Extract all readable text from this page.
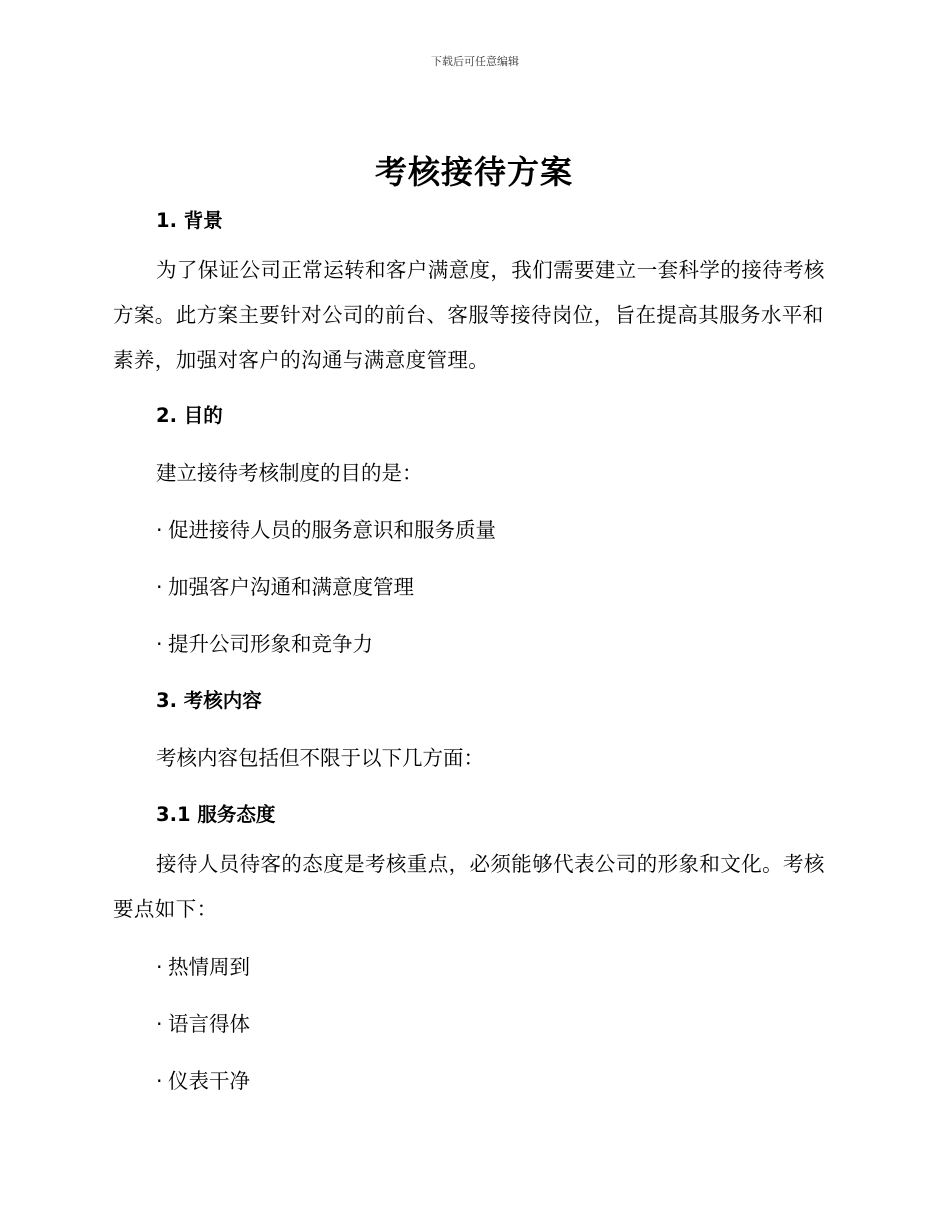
下载后可任意编辑
考核接待方案
1. 背景

为了保证公司正常运转和客户满意度，我们需要建立一套科学的接待考核方案。此方案主要针对公司的前台、客服等接待岗位，旨在提高其服务水平和素养，加强对客户的沟通与满意度管理。

2. 目的

建立接待考核制度的目的是：

· 促进接待人员的服务意识和服务质量

· 加强客户沟通和满意度管理

· 提升公司形象和竞争力

3. 考核内容

考核内容包括但不限于以下几方面：

3.1 服务态度

接待人员待客的态度是考核重点，必须能够代表公司的形象和文化。考核要点如下：

· 热情周到

· 语言得体

· 仪表干净
